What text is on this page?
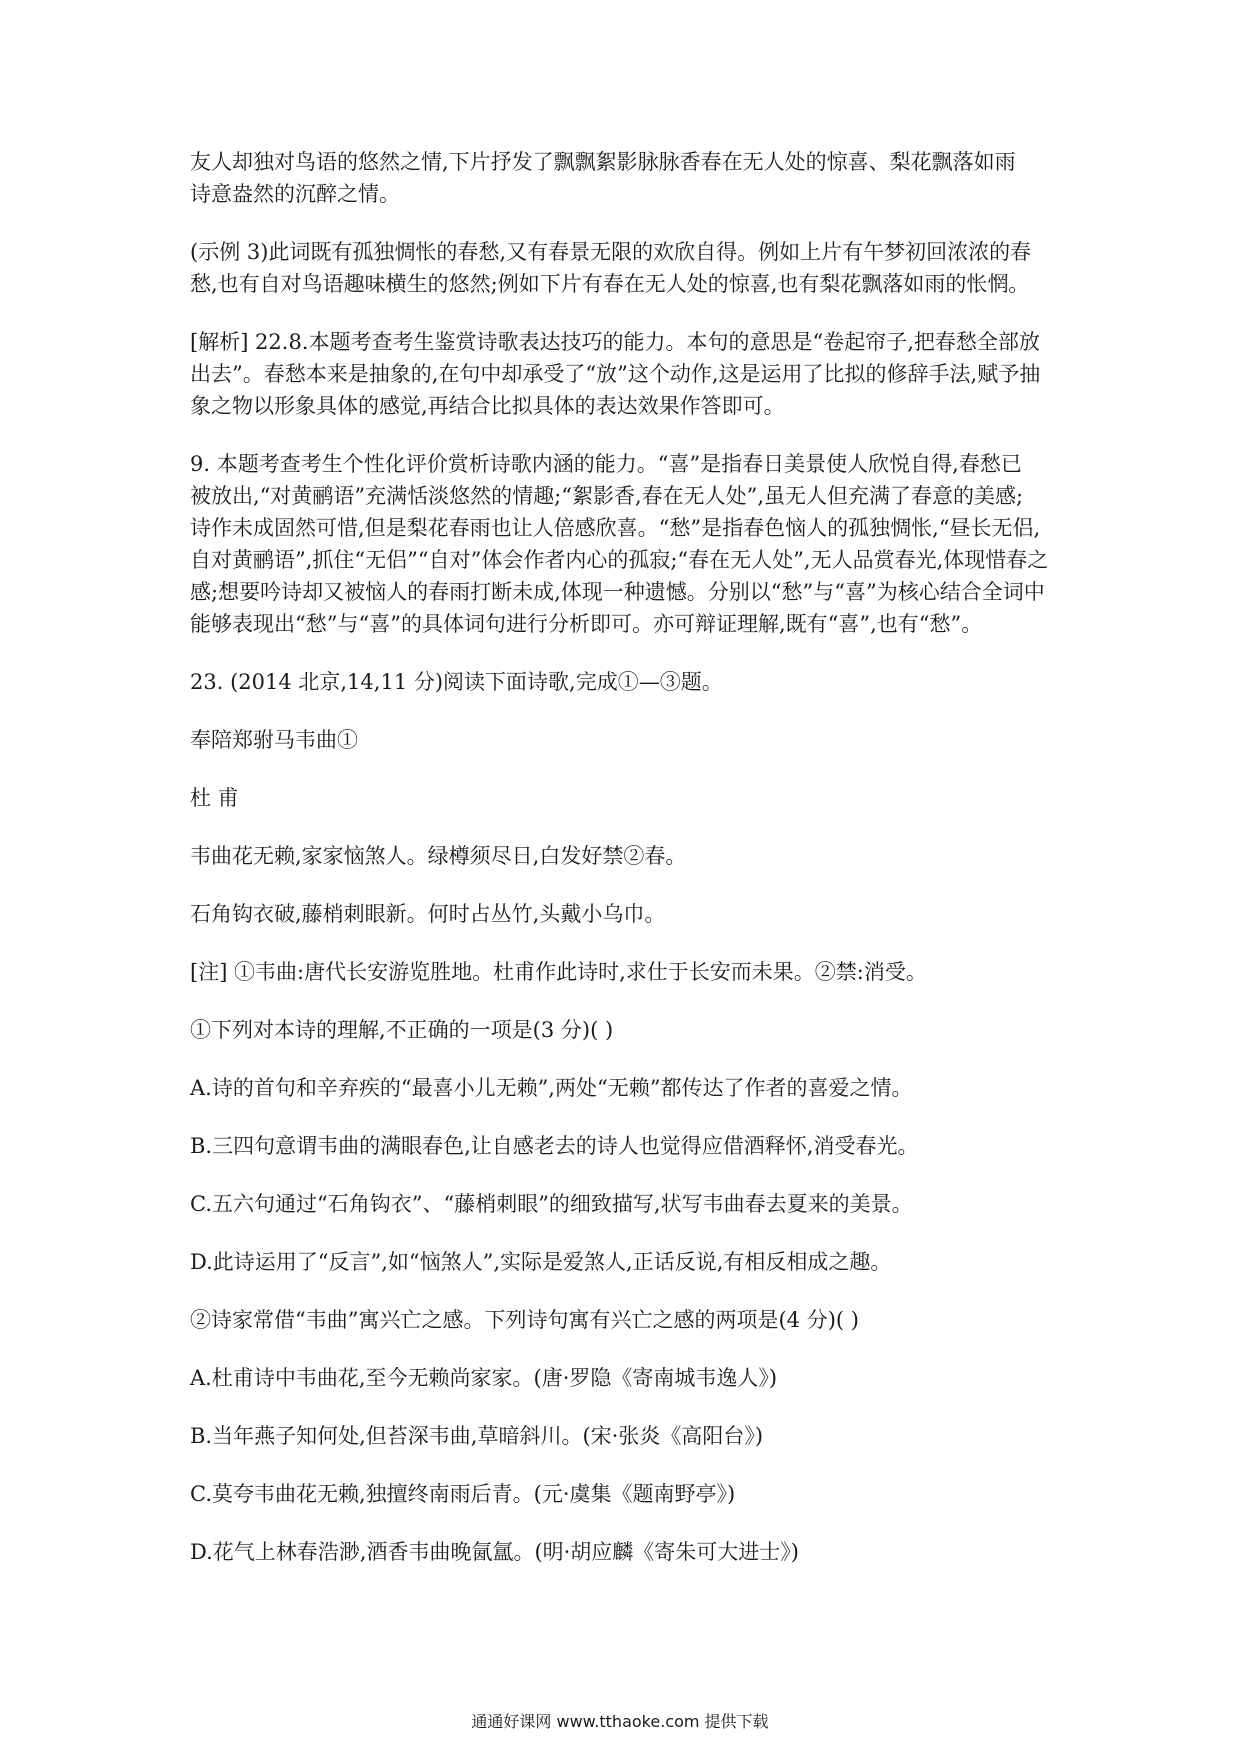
友人却独对鸟语的悠然之情,下片抒发了飘飘絮影脉脉香春在无人处的惊喜、梨花飘落如雨

诗意盎然的沉醉之情。

(示例 3)此词既有孤独惆怅的春愁,又有春景无限的欢欣自得。例如上片有午梦初回浓浓的春

愁,也有自对鸟语趣味横生的悠然;例如下片有春在无人处的惊喜,也有梨花飘落如雨的怅惘。

[解析] 22.8.本题考查考生鉴赏诗歌表达技巧的能力。本句的意思是“卷起帘子,把春愁全部放

出去”。春愁本来是抽象的,在句中却承受了“放”这个动作,这是运用了比拟的修辞手法,赋予抽

象之物以形象具体的感觉,再结合比拟具体的表达效果作答即可。

9. 本题考查考生个性化评价赏析诗歌内涵的能力。“喜”是指春日美景使人欣悦自得,春愁已

被放出,“对黄鹂语”充满恬淡悠然的情趣;“絮影香,春在无人处”,虽无人但充满了春意的美感;

诗作未成固然可惜,但是梨花春雨也让人倍感欣喜。“愁”是指春色恼人的孤独惆怅,“昼长无侣,

自对黄鹂语”,抓住“无侣”“自对”体会作者内心的孤寂;“春在无人处”,无人品赏春光,体现惜春之

感;想要吟诗却又被恼人的春雨打断未成,体现一种遗憾。分别以“愁”与“喜”为核心结合全词中

能够表现出“愁”与“喜”的具体词句进行分析即可。亦可辩证理解,既有“喜”,也有“愁”。

23. (2014 北京,14,11 分)阅读下面诗歌,完成①—③题。

奉陪郑驸马韦曲①

杜 甫

韦曲花无赖,家家恼煞人。绿樽须尽日,白发好禁②春。

石角钩衣破,藤梢刺眼新。何时占丛竹,头戴小乌巾。

[注] ①韦曲:唐代长安游览胜地。杜甫作此诗时,求仕于长安而未果。②禁:消受。

①下列对本诗的理解,不正确的一项是(3 分)( )

A.诗的首句和辛弃疾的“最喜小儿无赖”,两处“无赖”都传达了作者的喜爱之情。

B.三四句意谓韦曲的满眼春色,让自感老去的诗人也觉得应借酒释怀,消受春光。

C.五六句通过“石角钩衣”、“藤梢刺眼”的细致描写,状写韦曲春去夏来的美景。

D.此诗运用了“反言”,如“恼煞人”,实际是爱煞人,正话反说,有相反相成之趣。

②诗家常借“韦曲”寓兴亡之感。下列诗句寓有兴亡之感的两项是(4 分)( )

A.杜甫诗中韦曲花,至今无赖尚家家。(唐·罗隐《寄南城韦逸人》)

B.当年燕子知何处,但苔深韦曲,草暗斜川。(宋·张炎《高阳台》)

C.莫夸韦曲花无赖,独擅终南雨后青。(元·虞集《题南野亭》)

D.花气上林春浩渺,酒香韦曲晚氤氲。(明·胡应麟《寄朱可大进士》)

通通好课网 www.tthaoke.com 提供下载
